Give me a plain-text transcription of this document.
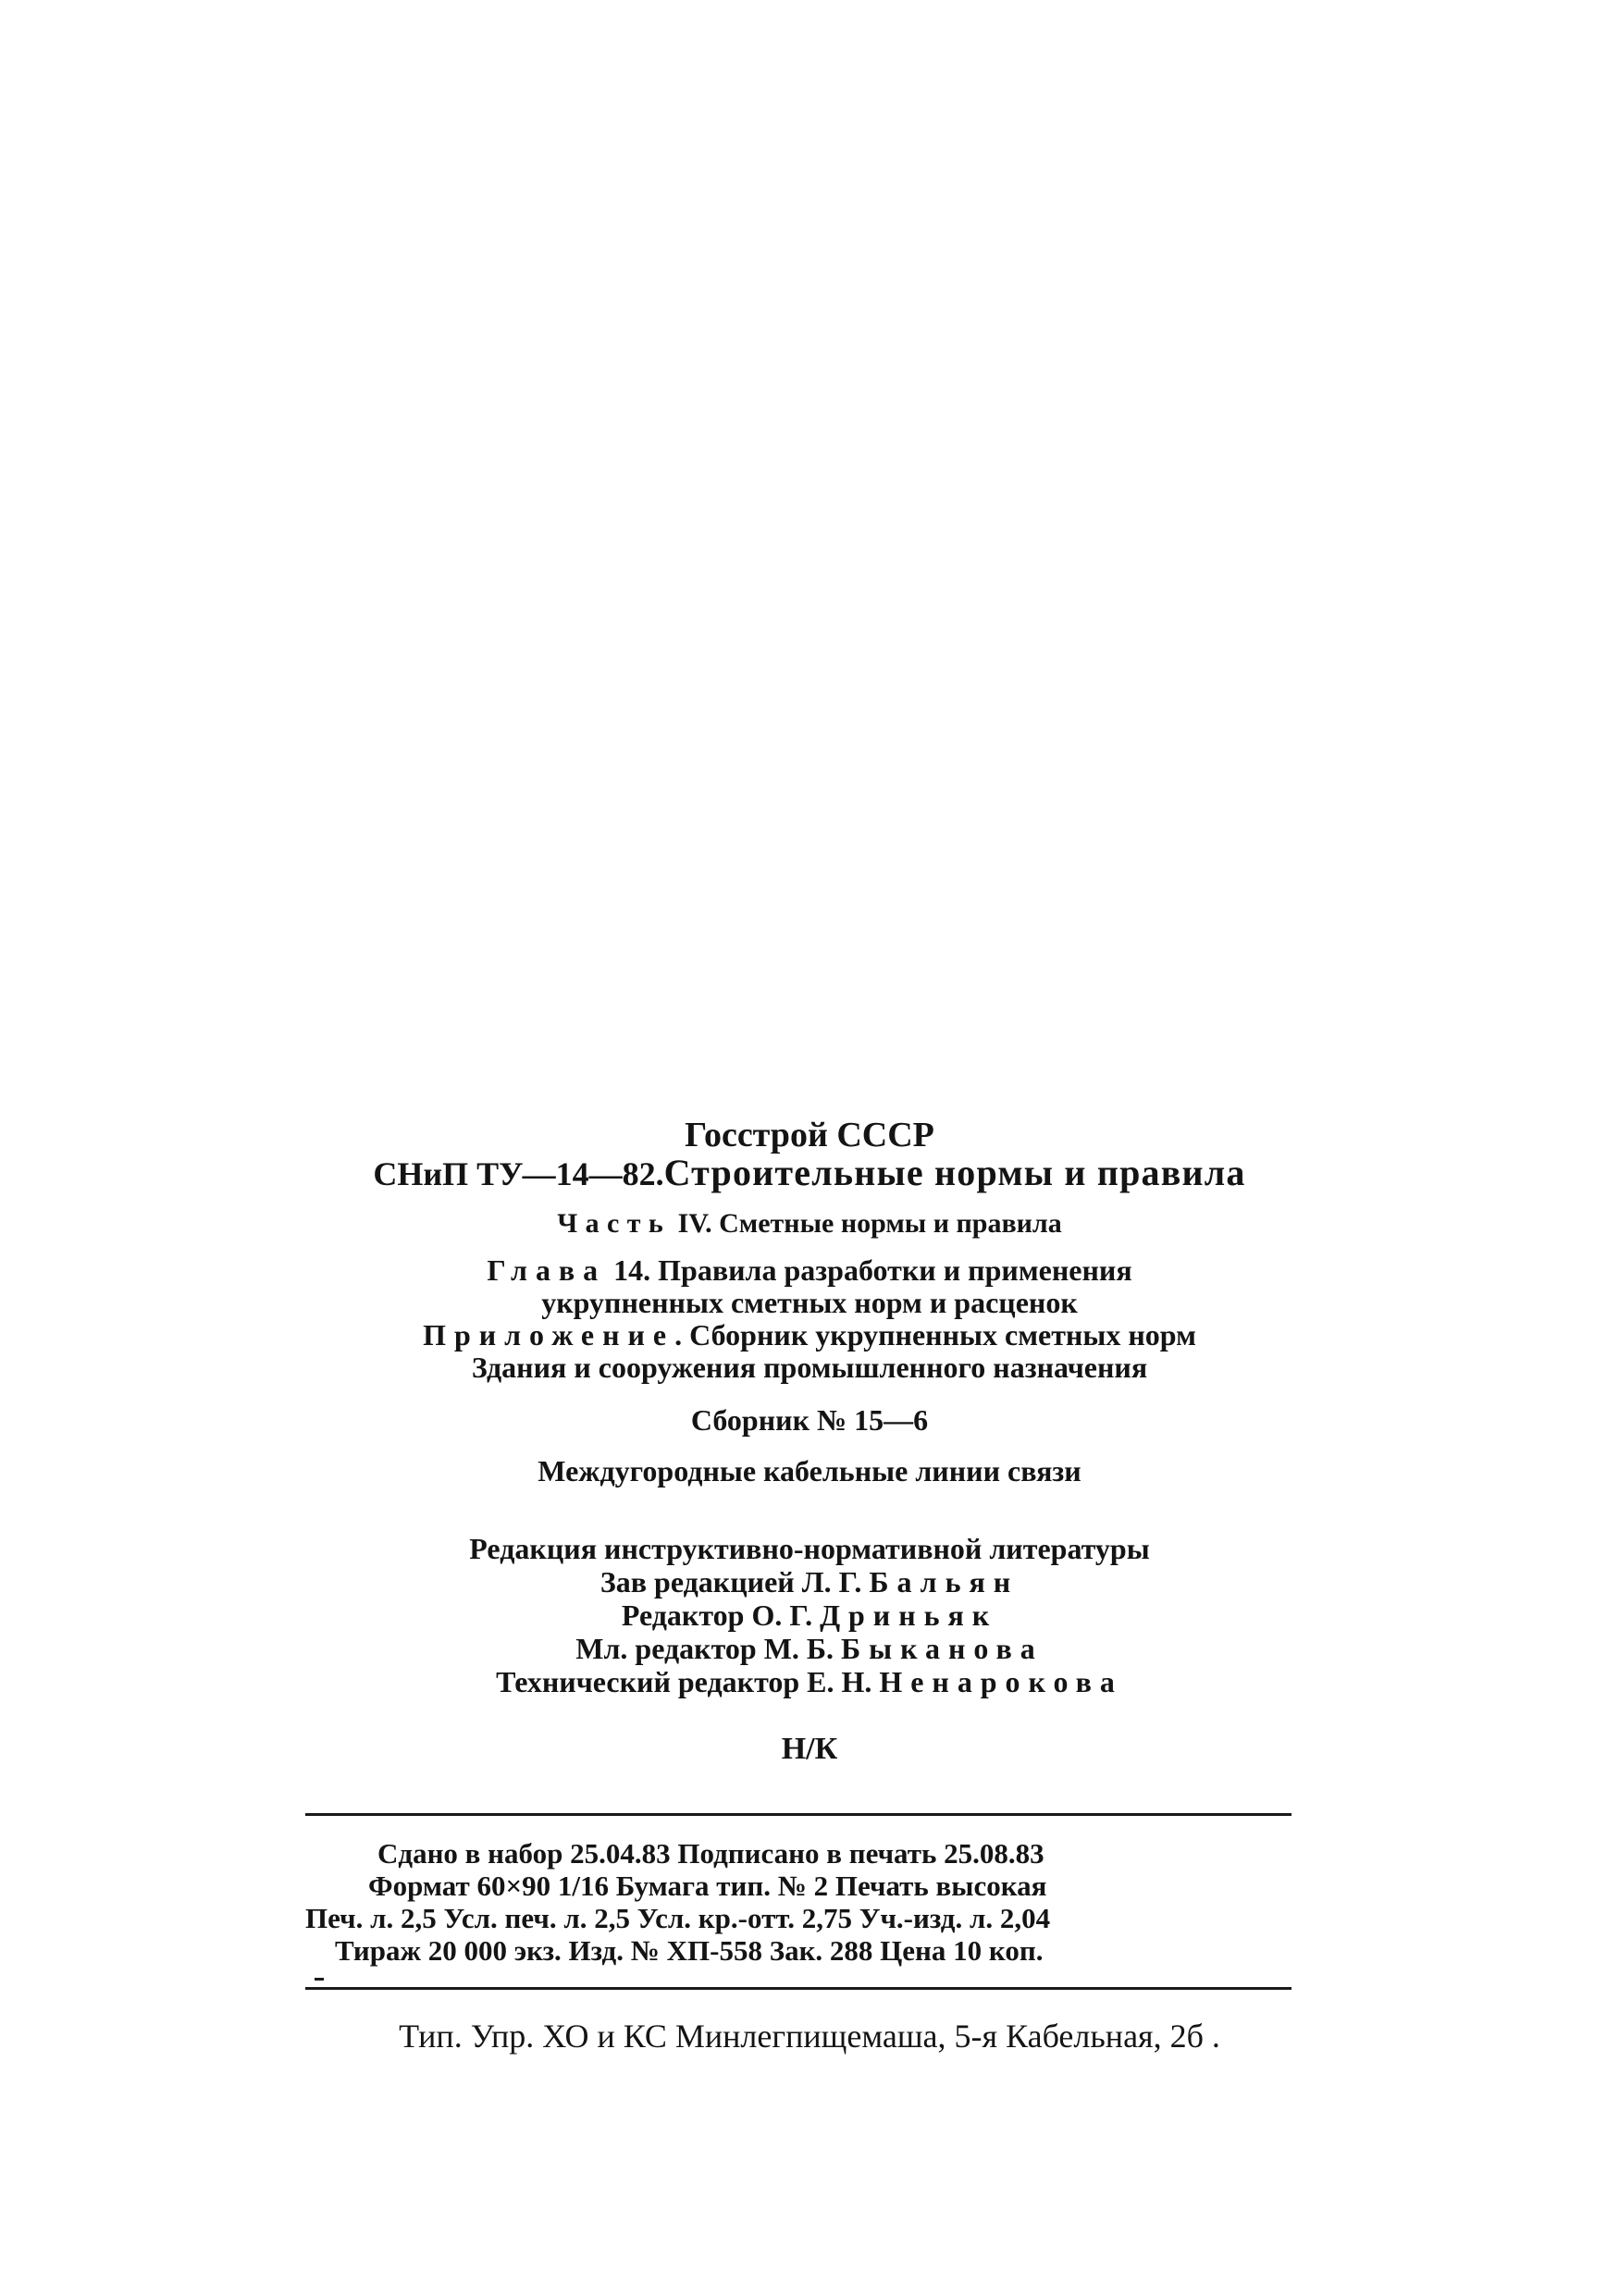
Госстрой СССР
СНиП ТУ—14—82.Строительные нормы и правила
Часть IV. Сметные нормы и правила
Глава 14. Правила разработки и применения
укрупненных сметных норм и расценок
Приложение. Сборник укрупненных сметных норм
Здания и сооружения промышленного назначения
Сборник № 15—6
Междугородные кабельные линии связи
Редакция инструктивно-нормативной литературы
Зав редакцией Л. Г. Бальян
Редактор О. Г. Дриньяк
Мл. редактор М. Б. Быканова
Технический редактор Е. Н. Ненарокова
Н/К
Сдано в набор 25.04.83 Подписано в печать 25.08.83
Формат 60×90 1/16 Бумага тип. № 2 Печать высокая
Печ. л. 2,5 Усл. печ. л. 2,5 Усл. кр.-отт. 2,75 Уч.-изд. л. 2,04
Тираж 20 000 экз. Изд. № ХП-558 Зак. 288 Цена 10 коп.
Тип. Упр. ХО и КС Минлегпищемаша, 5-я Кабельная, 2б .
